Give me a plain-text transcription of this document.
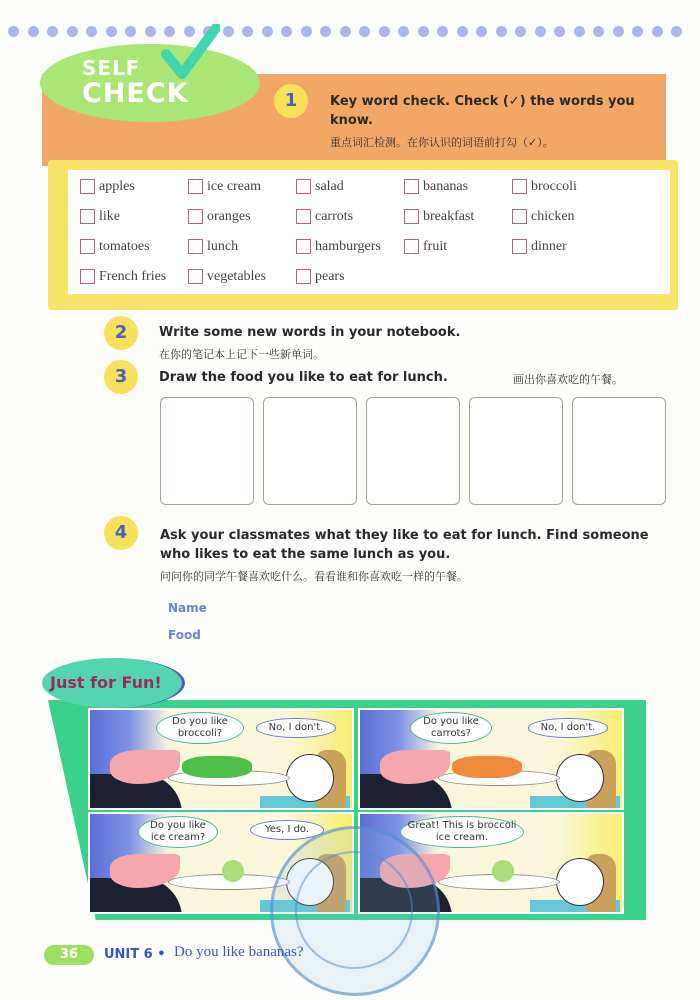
SELF
CHECK	1	Key word check. Check (✓) the words you know.
重点词汇检测。在你认识的词语前打勾（✓）。
apples	ice cream	salad	bananas	broccoli
like	oranges	carrots	breakfast	chicken
tomatoes	lunch	hamburgers	fruit	dinner
French fries	vegetables	pears
2	Write some new words in your notebook.
在你的笔记本上记下一些新单词。
3	Draw the food you like to eat for lunch.	画出你喜欢吃的午餐。
4	Ask your classmates what they like to eat for lunch. Find someone who likes to eat the same lunch as you.
问问你的同学午餐喜欢吃什么。看看谁和你喜欢吃一样的午餐。
Name
Food
Just for Fun!
Do you like broccoli?
No, I don't.
Do you like carrots?
No, I don't.
Do you like ice cream?
Yes, I do.	Great! This is broccoli ice cream.
36	UNIT 6 • Do you like bananas?
